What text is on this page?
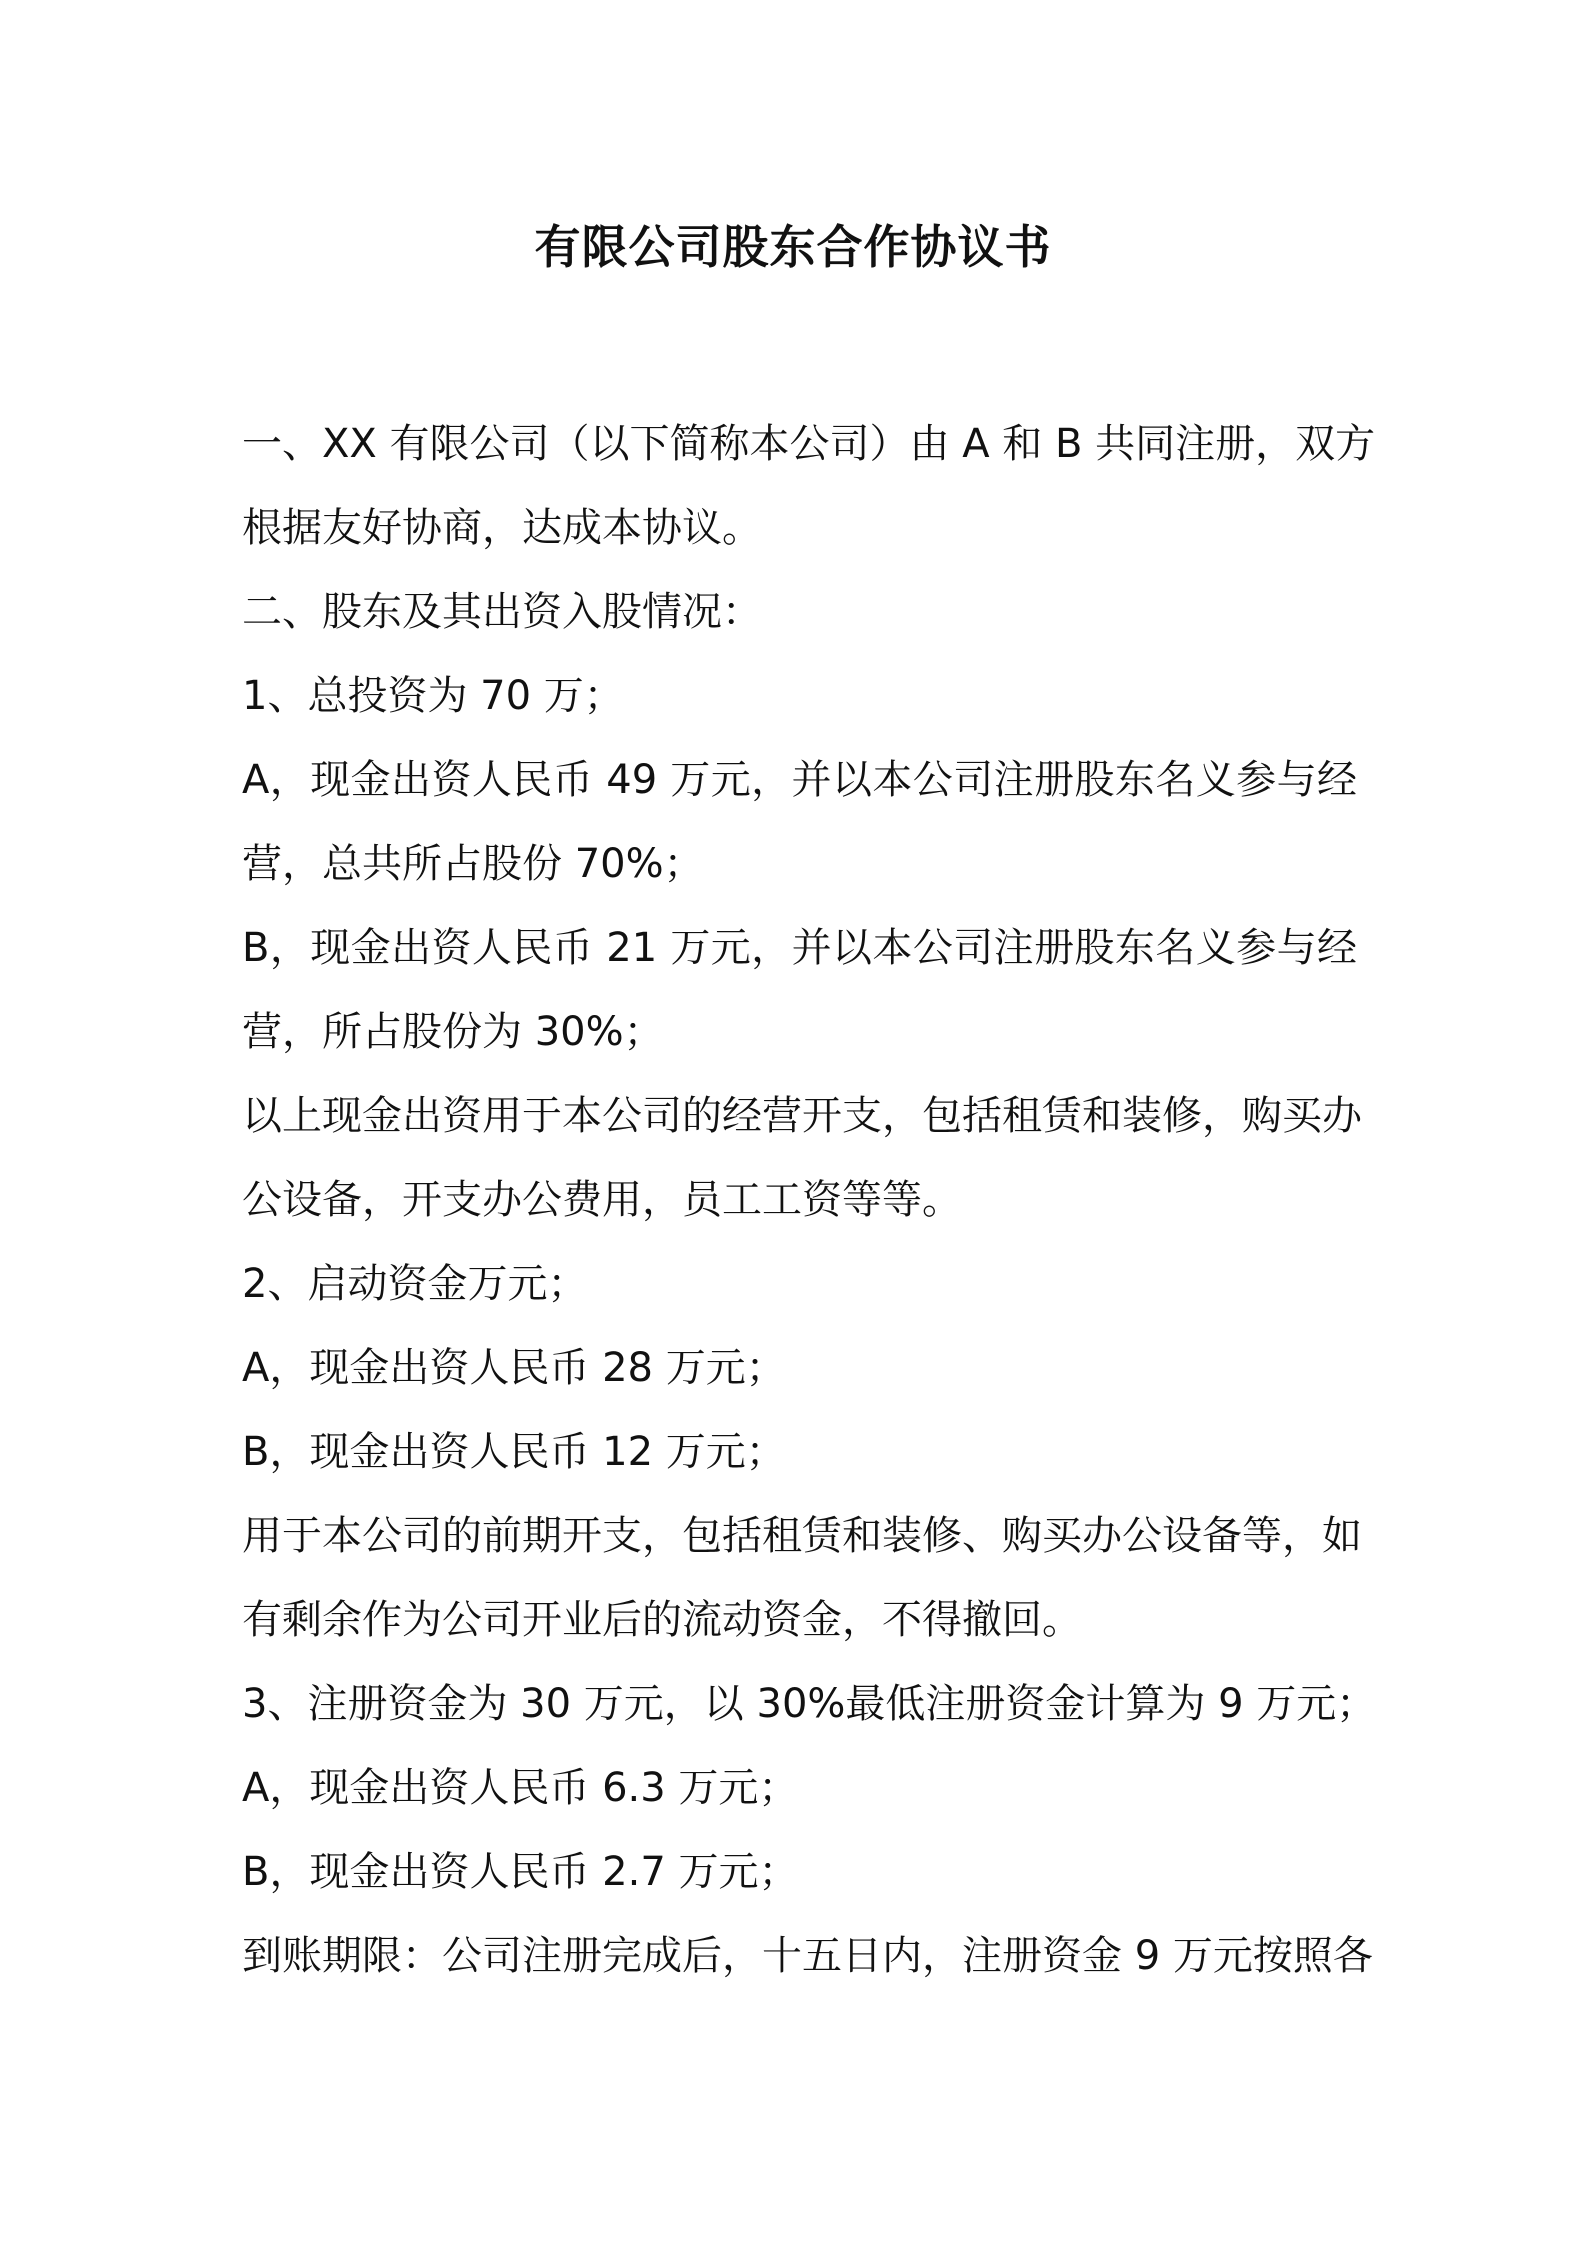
有限公司股东合作协议书
一、XX 有限公司（以下简称本公司）由 A 和 B 共同注册，双方
根据友好协商，达成本协议。
二、股东及其出资入股情况：
1、总投资为 70 万；
A，现金出资人民币 49 万元，并以本公司注册股东名义参与经
营，总共所占股份 70%；
B，现金出资人民币 21 万元，并以本公司注册股东名义参与经
营，所占股份为 30%；
以上现金出资用于本公司的经营开支，包括租赁和装修，购买办
公设备，开支办公费用，员工工资等等。
2、启动资金万元；
A，现金出资人民币 28 万元；
B，现金出资人民币 12 万元；
用于本公司的前期开支，包括租赁和装修、购买办公设备等，如
有剩余作为公司开业后的流动资金，不得撤回。
3、注册资金为 30 万元，以 30%最低注册资金计算为 9 万元；
A，现金出资人民币 6.3 万元；
B，现金出资人民币 2.7 万元；
到账期限：公司注册完成后，十五日内，注册资金 9 万元按照各
